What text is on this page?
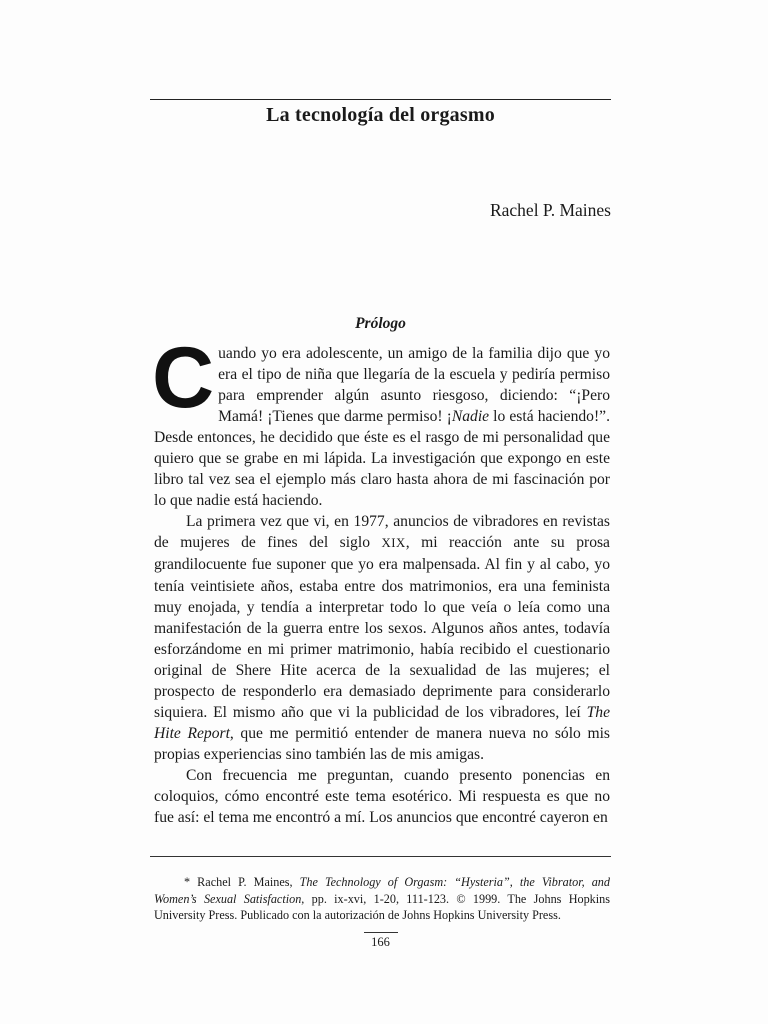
La tecnología del orgasmo
Rachel P. Maines
Prólogo

Cuando yo era adolescente, un amigo de la familia dijo que yo era el tipo de niña que llegaría de la escuela y pediría permiso para emprender algún asunto riesgoso, diciendo: “¡Pero Mamá! ¡Tienes que darme permiso! ¡Nadie lo está haciendo!”. Desde entonces, he decidido que éste es el rasgo de mi personalidad que quiero que se grabe en mi lápida. La investigación que expongo en este libro tal vez sea el ejemplo más claro hasta ahora de mi fascinación por lo que nadie está haciendo.

La primera vez que vi, en 1977, anuncios de vibradores en revistas de mujeres de fines del siglo XIX, mi reacción ante su prosa grandilocuente fue suponer que yo era malpensada. Al fin y al cabo, yo tenía veintisiete años, estaba entre dos matrimonios, era una feminista muy enojada, y tendía a interpretar todo lo que veía o leía como una manifestación de la guerra entre los sexos. Algunos años antes, todavía esforzándome en mi primer matrimonio, había recibido el cuestionario original de Shere Hite acerca de la sexualidad de las mujeres; el prospecto de responderlo era demasiado deprimente para considerarlo siquiera. El mismo año que vi la publicidad de los vibradores, leí The Hite Report, que me permitió entender de manera nueva no sólo mis propias experiencias sino también las de mis amigas.

Con frecuencia me preguntan, cuando presento ponencias en coloquios, cómo encontré este tema esotérico. Mi respuesta es que no fue así: el tema me encontró a mí. Los anuncios que encontré cayeron en

* Rachel P. Maines, The Technology of Orgasm: “Hysteria”, the Vibrator, and Women’s Sexual Satisfaction, pp. ix-xvi, 1-20, 111-123. © 1999. The Johns Hopkins University Press. Publicado con la autorización de Johns Hopkins University Press.
166
